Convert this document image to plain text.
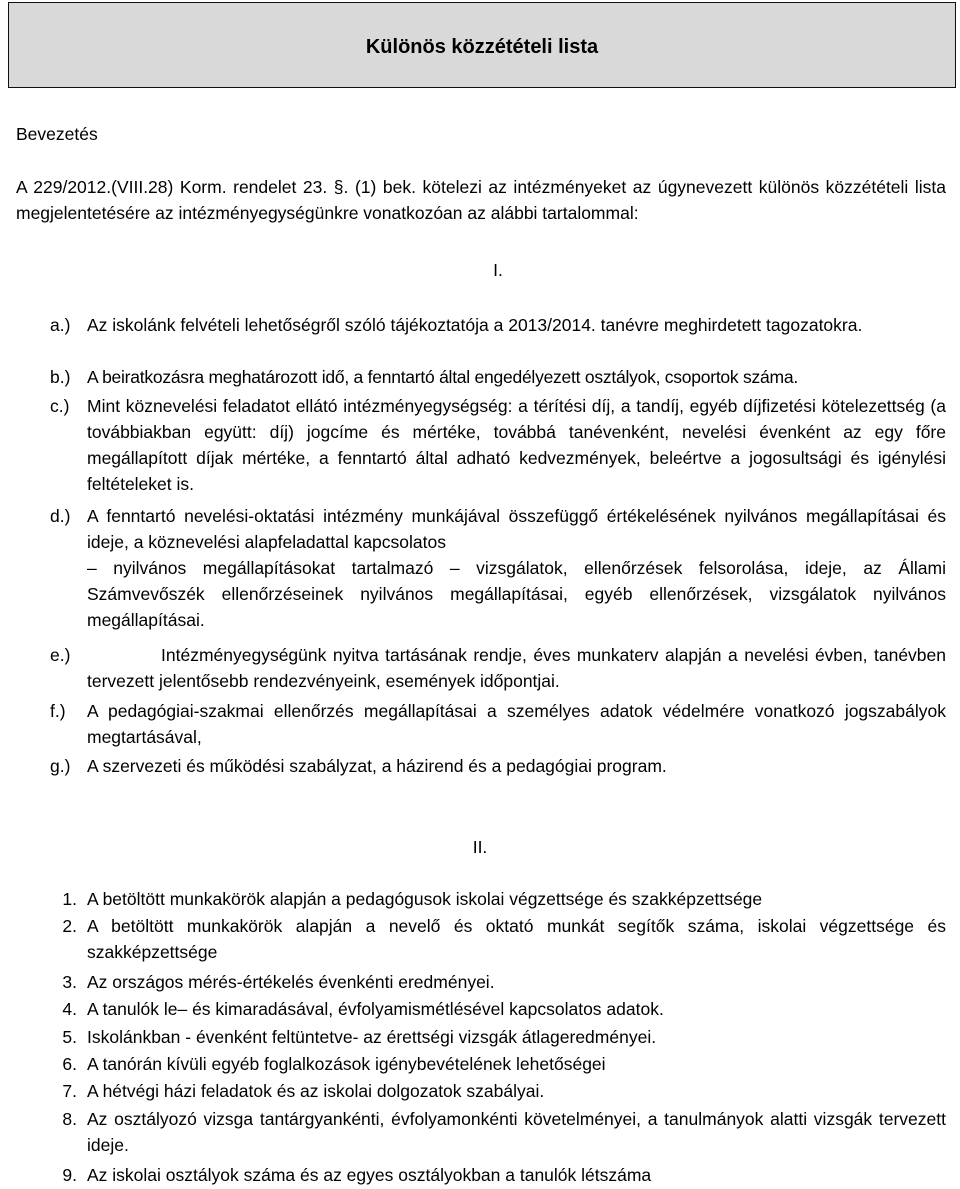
Különös közzétételi lista
Bevezetés
A 229/2012.(VIII.28) Korm. rendelet 23. §. (1) bek. kötelezi az intézményeket az úgynevezett különös közzétételi lista megjelentetésére az intézményegységünkre vonatkozóan az alábbi tartalommal:
I.
a.) Az iskolánk felvételi lehetőségről szóló tájékoztatója a 2013/2014. tanévre meghirdetett tagozatokra.
b.) A beiratkozásra meghatározott idő, a fenntartó által engedélyezett osztályok, csoportok száma.
c.) Mint köznevelési feladatot ellátó intézményegységség: a térítési díj, a tandíj, egyéb díjfizetési kötelezettség (a továbbiakban együtt: díj) jogcíme és mértéke, továbbá tanévenként, nevelési évenként az egy főre megállapított díjak mértéke, a fenntartó által adható kedvezmények, beleértve a jogosultsági és igénylési feltételeket is.
d.) A fenntartó nevelési-oktatási intézmény munkájával összefüggő értékelésének nyilvános megállapításai és ideje, a köznevelési alapfeladattal kapcsolatos
– nyilvános megállapításokat tartalmazó – vizsgálatok, ellenőrzések felsorolása, ideje, az Állami Számvevőszék ellenőrzéseinek nyilvános megállapításai, egyéb ellenőrzések, vizsgálatok nyilvános megállapításai.
e.)	Intézményegységünk nyitva tartásának rendje, éves munkaterv alapján a nevelési évben, tanévben tervezett jelentősebb rendezvényeink, események időpontjai.
f.) A pedagógiai-szakmai ellenőrzés megállapításai a személyes adatok védelmére vonatkozó jogszabályok megtartásával,
g.) A szervezeti és működési szabályzat, a házirend és a pedagógiai program.
II.
1. A betöltött munkakörök alapján a pedagógusok iskolai végzettsége és szakképzettsége
2. A betöltött munkakörök alapján a nevelő és oktató munkát segítők száma, iskolai végzettsége és szakképzettsége
3. Az országos mérés-értékelés évenkénti eredményei.
4. A tanulók le– és kimaradásával, évfolyamismétlésével kapcsolatos adatok.
5. Iskolánkban - évenként feltüntetve- az érettségi vizsgák átlageredményei.
6. A tanórán kívüli egyéb foglalkozások igénybevételének lehetőségei
7. A hétvégi házi feladatok és az iskolai dolgozatok szabályai.
8. Az osztályozó vizsga tantárgyankénti, évfolyamonkénti követelményei, a tanulmányok alatti vizsgák tervezett ideje.
9. Az iskolai osztályok száma és az egyes osztályokban a tanulók létszáma
